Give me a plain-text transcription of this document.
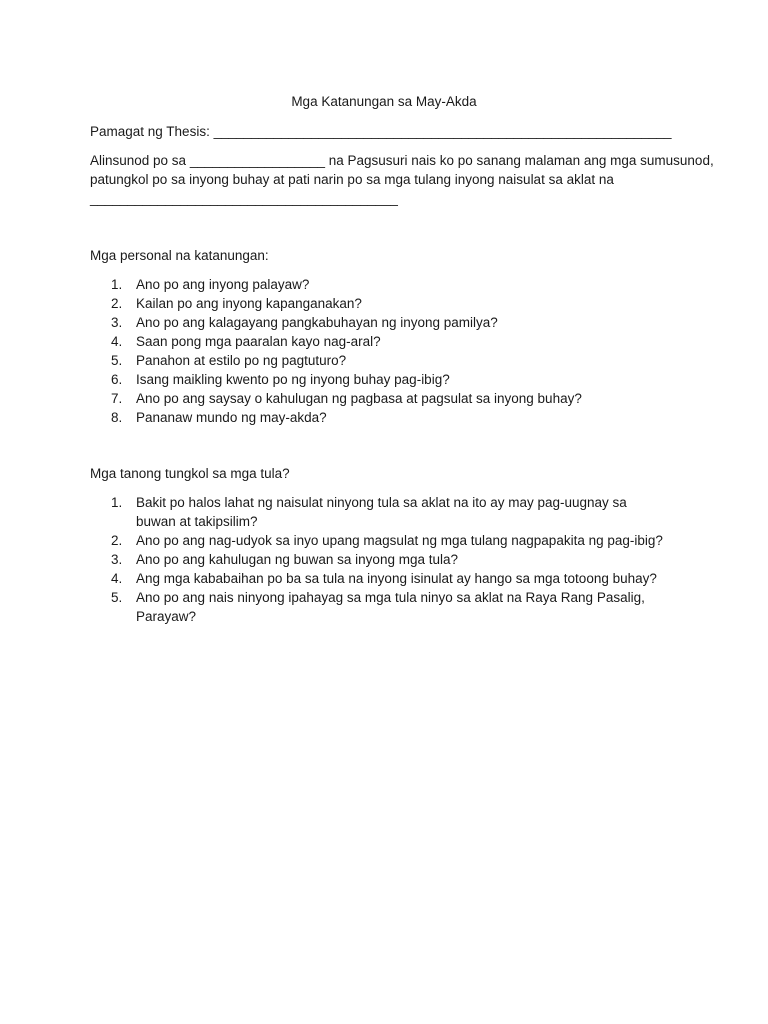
Mga Katanungan sa May-Akda
Pamagat ng Thesis: _____________________________________________________________
Alinsunod po sa __________________ na Pagsusuri nais ko po sanang malaman ang mga sumusunod,
patungkol po sa inyong buhay at pati narin po sa mga tulang inyong naisulat sa aklat na
_________________________________________
Mga personal na katanungan:
1. Ano po ang inyong palayaw?
2. Kailan po ang inyong kapanganakan?
3. Ano po ang kalagayang pangkabuhayan ng inyong pamilya?
4. Saan pong mga paaralan kayo nag-aral?
5. Panahon at estilo po ng pagtuturo?
6. Isang maikling kwento po ng inyong buhay pag-ibig?
7. Ano po ang saysay o kahulugan ng pagbasa at pagsulat sa inyong buhay?
8. Pananaw mundo ng may-akda?
Mga tanong tungkol sa mga tula?
1. Bakit po halos lahat ng naisulat ninyong tula sa aklat na ito ay may pag-uugnay sa buwan at takipsilim?
2. Ano po ang nag-udyok sa inyo upang magsulat ng mga tulang nagpapakita ng pag-ibig?
3. Ano po ang kahulugan ng buwan sa inyong mga tula?
4. Ang mga kababaihan po ba sa tula na inyong isinulat ay hango sa mga totoong buhay?
5. Ano po ang nais ninyong ipahayag sa mga tula ninyo sa aklat na Raya Rang Pasalig, Parayaw?
